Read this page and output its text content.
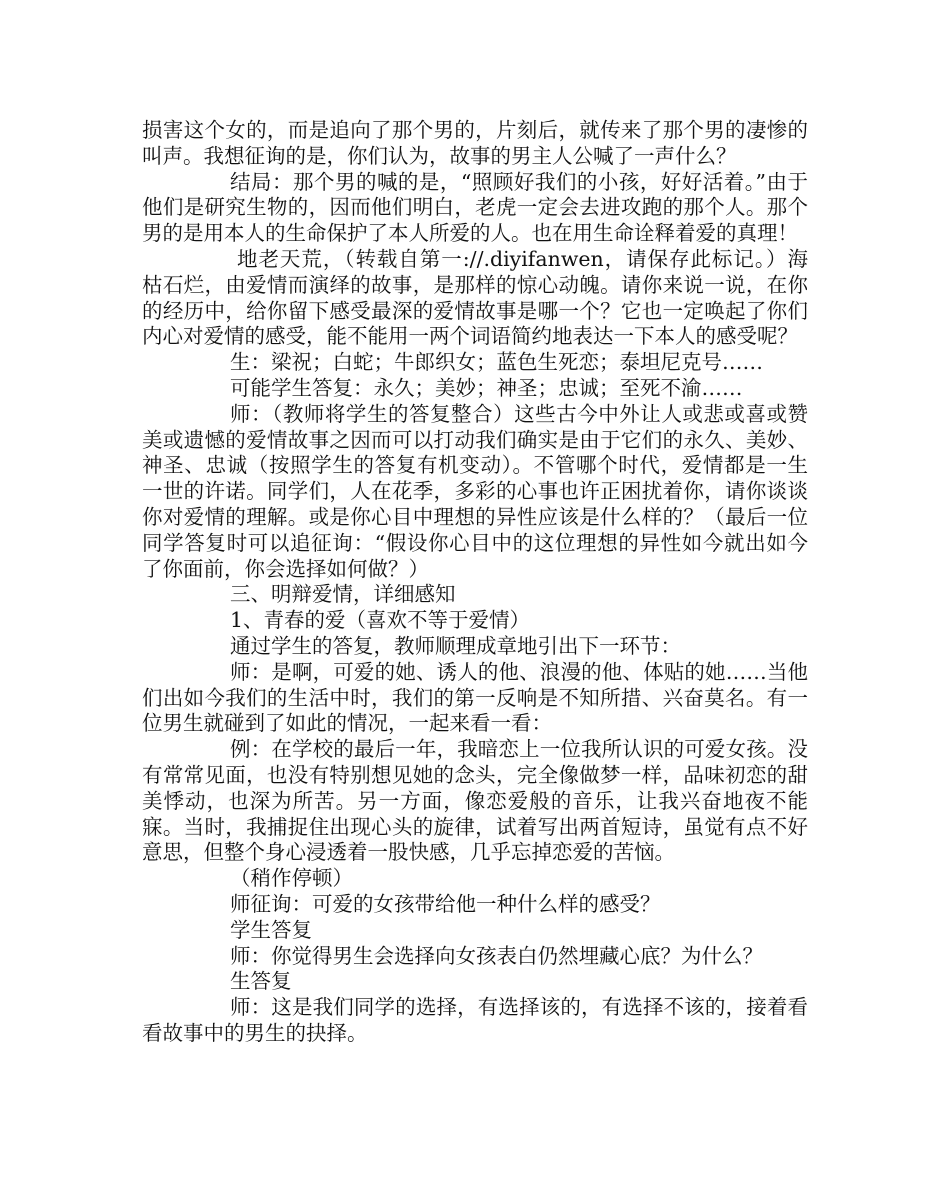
损害这个女的，而是追向了那个男的，片刻后，就传来了那个男的凄惨的叫声。我想征询的是，你们认为，故事的男主人公喊了一声什么？

结局：那个男的喊的是，“照顾好我们的小孩，好好活着。”由于他们是研究生物的，因而他们明白，老虎一定会去进攻跑的那个人。那个男的是用本人的生命保护了本人所爱的人。也在用生命诠释着爱的真理！

地老天荒，（转载自第一://.diyifanwen，请保存此标记。）海枯石烂，由爱情而演绎的故事，是那样的惊心动魄。请你来说一说，在你的经历中，给你留下感受最深的爱情故事是哪一个？它也一定唤起了你们内心对爱情的感受，能不能用一两个词语简约地表达一下本人的感受呢？

生：梁祝；白蛇；牛郎织女；蓝色生死恋；泰坦尼克号……

可能学生答复：永久；美妙；神圣；忠诚；至死不渝……

师：（教师将学生的答复整合）这些古今中外让人或悲或喜或赞美或遗憾的爱情故事之因而可以打动我们确实是由于它们的永久、美妙、神圣、忠诚（按照学生的答复有机变动）。不管哪个时代，爱情都是一生一世的许诺。同学们，人在花季，多彩的心事也许正困扰着你，请你谈谈你对爱情的理解。或是你心目中理想的异性应该是什么样的？（最后一位同学答复时可以追征询：“假设你心目中的这位理想的异性如今就出如今了你面前，你会选择如何做？）

三、明辩爱情，详细感知

1、青春的爱（喜欢不等于爱情）

通过学生的答复，教师顺理成章地引出下一环节：

师：是啊，可爱的她、诱人的他、浪漫的他、体贴的她……当他们出如今我们的生活中时，我们的第一反响是不知所措、兴奋莫名。有一位男生就碰到了如此的情况，一起来看一看：

例：在学校的最后一年，我暗恋上一位我所认识的可爱女孩。没有常常见面，也没有特别想见她的念头，完全像做梦一样，品味初恋的甜美悸动，也深为所苦。另一方面，像恋爱般的音乐，让我兴奋地夜不能寐。当时，我捕捉住出现心头的旋律，试着写出两首短诗，虽觉有点不好意思，但整个身心浸透着一股快感，几乎忘掉恋爱的苦恼。

（稍作停顿）

师征询：可爱的女孩带给他一种什么样的感受？

学生答复

师：你觉得男生会选择向女孩表白仍然埋藏心底？为什么？

生答复

师：这是我们同学的选择，有选择该的，有选择不该的，接着看看故事中的男生的抉择。
